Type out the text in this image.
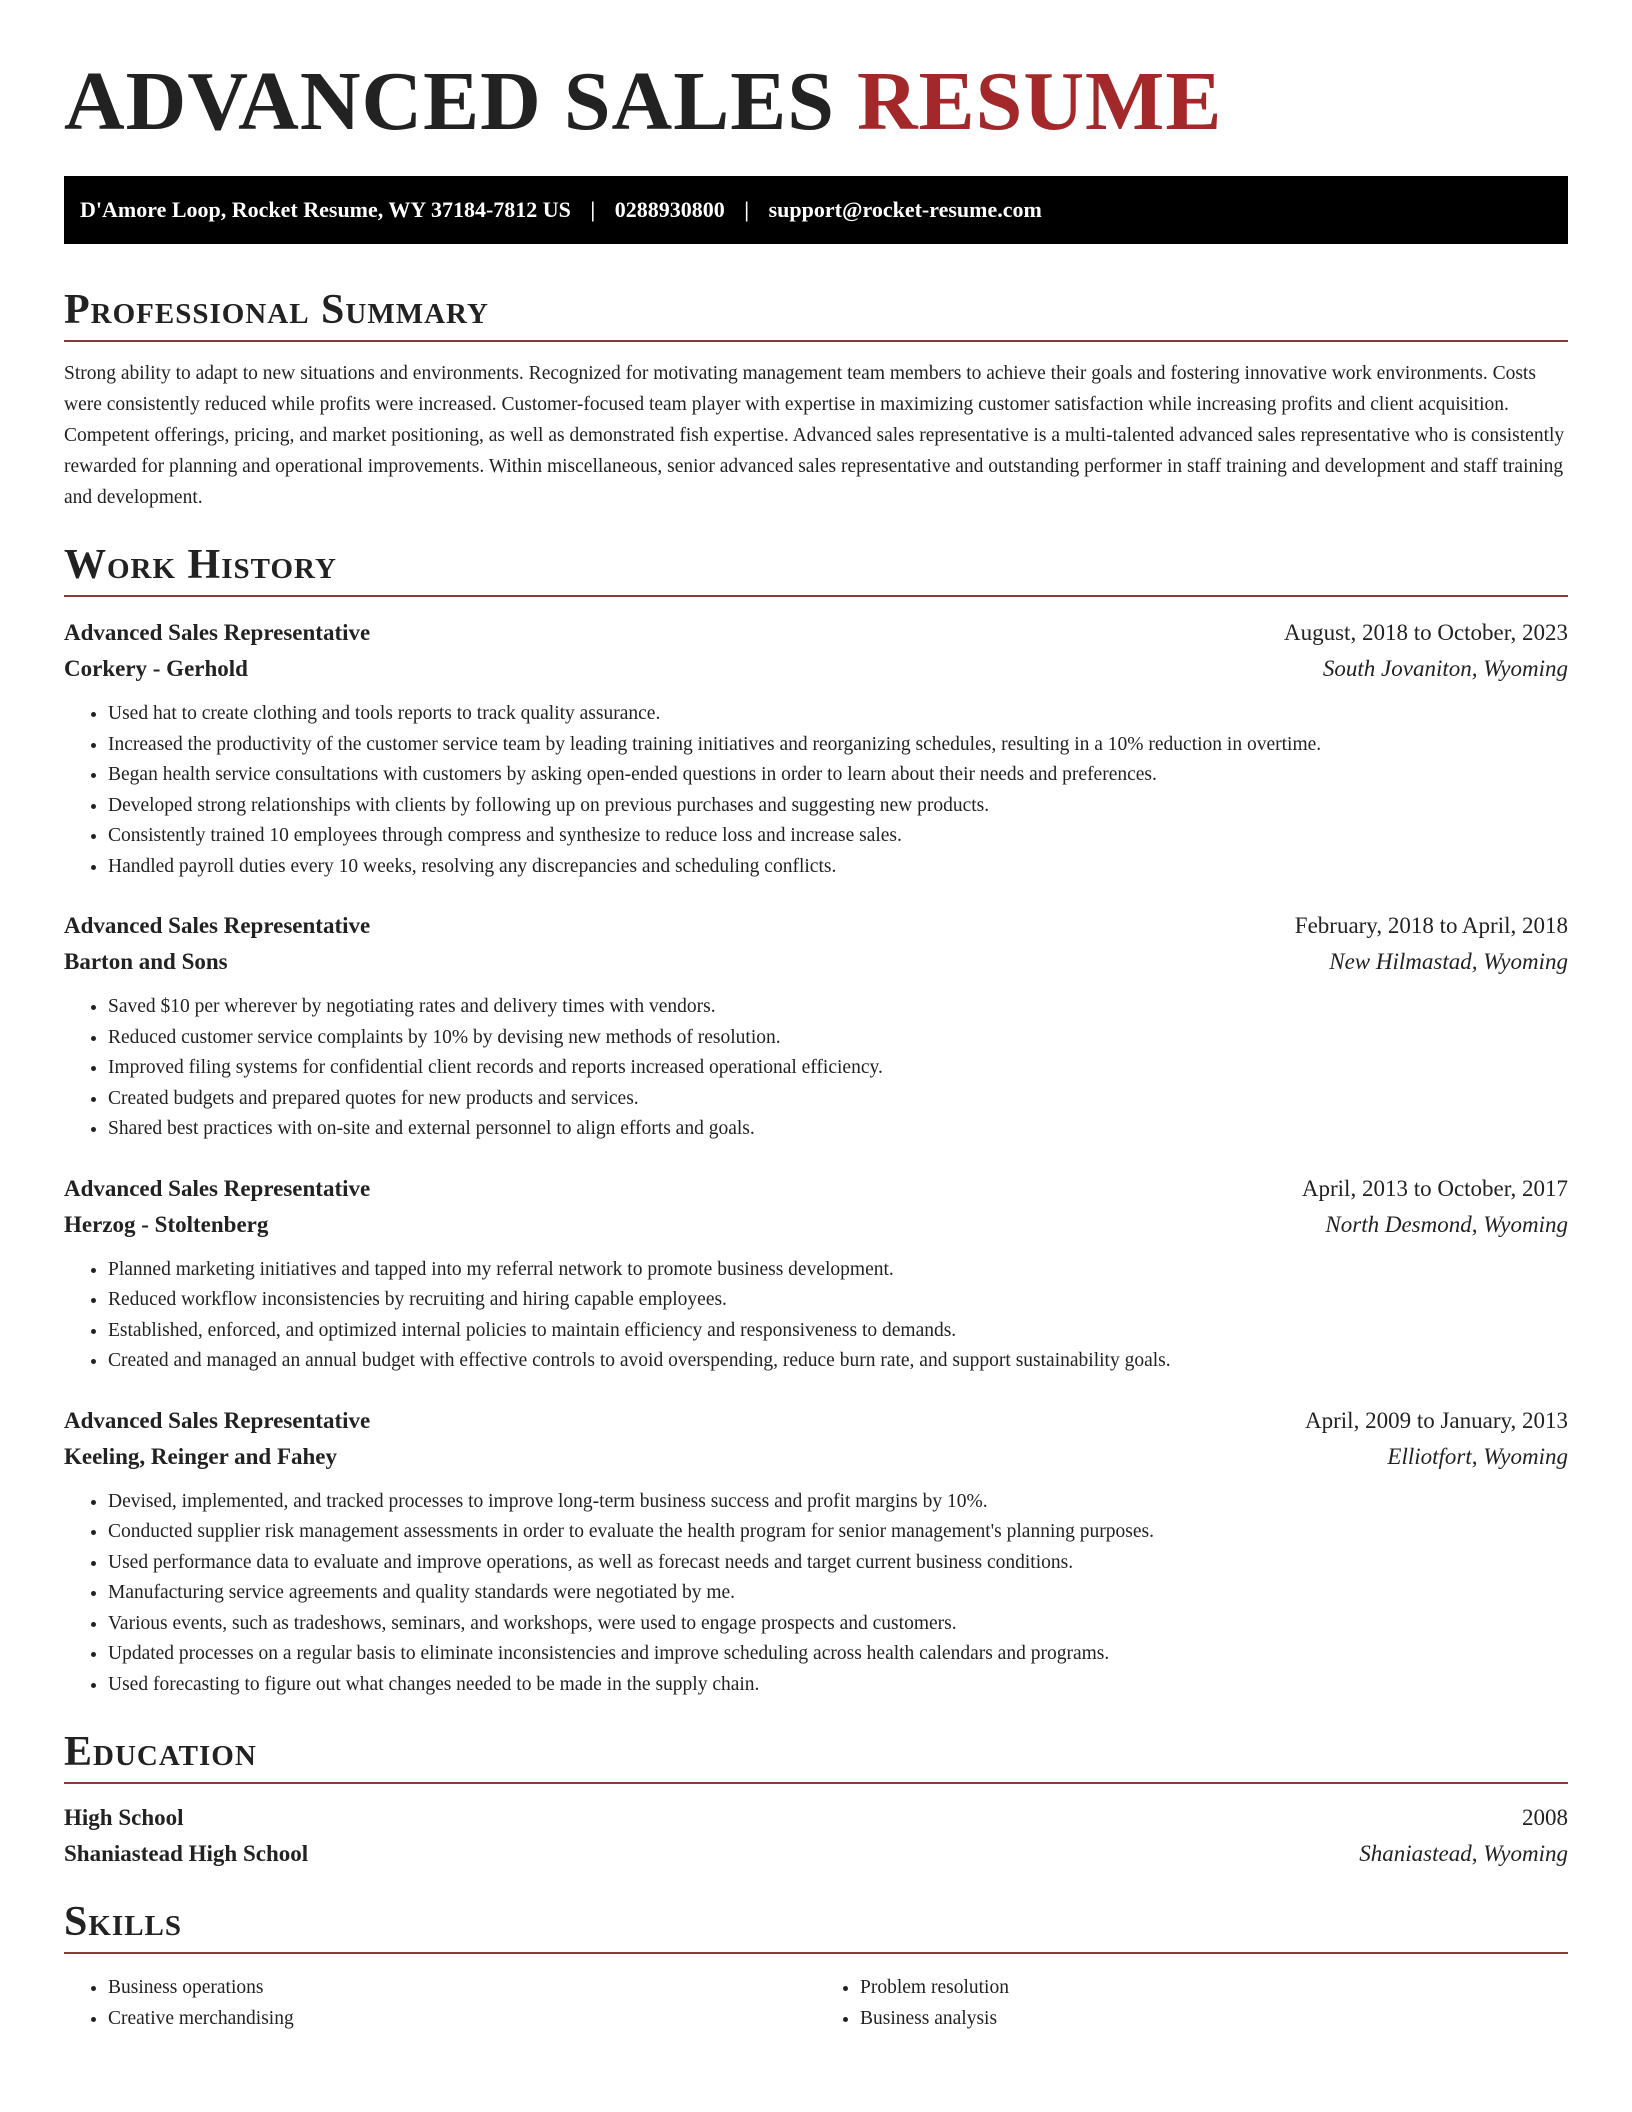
ADVANCED SALES RESUME
D'Amore Loop, Rocket Resume, WY 37184-7812 US | 0288930800 | support@rocket-resume.com
Professional Summary

Strong ability to adapt to new situations and environments. Recognized for motivating management team members to achieve their goals and fostering innovative work environments. Costs were consistently reduced while profits were increased. Customer-focused team player with expertise in maximizing customer satisfaction while increasing profits and client acquisition. Competent offerings, pricing, and market positioning, as well as demonstrated fish expertise. Advanced sales representative is a multi-talented advanced sales representative who is consistently rewarded for planning and operational improvements. Within miscellaneous, senior advanced sales representative and outstanding performer in staff training and development and staff training and development.

Work History
Advanced Sales Representative	August, 2018 to October, 2023
Corkery - Gerhold	South Jovaniton, Wyoming
• Used hat to create clothing and tools reports to track quality assurance.
• Increased the productivity of the customer service team by leading training initiatives and reorganizing schedules, resulting in a 10% reduction in overtime.
• Began health service consultations with customers by asking open-ended questions in order to learn about their needs and preferences.
• Developed strong relationships with clients by following up on previous purchases and suggesting new products.
• Consistently trained 10 employees through compress and synthesize to reduce loss and increase sales.
• Handled payroll duties every 10 weeks, resolving any discrepancies and scheduling conflicts.
Advanced Sales Representative	February, 2018 to April, 2018
Barton and Sons	New Hilmastad, Wyoming
• Saved $10 per wherever by negotiating rates and delivery times with vendors.
• Reduced customer service complaints by 10% by devising new methods of resolution.
• Improved filing systems for confidential client records and reports increased operational efficiency.
• Created budgets and prepared quotes for new products and services.
• Shared best practices with on-site and external personnel to align efforts and goals.
Advanced Sales Representative	April, 2013 to October, 2017
Herzog - Stoltenberg	North Desmond, Wyoming
• Planned marketing initiatives and tapped into my referral network to promote business development.
• Reduced workflow inconsistencies by recruiting and hiring capable employees.
• Established, enforced, and optimized internal policies to maintain efficiency and responsiveness to demands.
• Created and managed an annual budget with effective controls to avoid overspending, reduce burn rate, and support sustainability goals.
Advanced Sales Representative	April, 2009 to January, 2013
Keeling, Reinger and Fahey	Elliotfort, Wyoming
• Devised, implemented, and tracked processes to improve long-term business success and profit margins by 10%.
• Conducted supplier risk management assessments in order to evaluate the health program for senior management's planning purposes.
• Used performance data to evaluate and improve operations, as well as forecast needs and target current business conditions.
• Manufacturing service agreements and quality standards were negotiated by me.
• Various events, such as tradeshows, seminars, and workshops, were used to engage prospects and customers.
• Updated processes on a regular basis to eliminate inconsistencies and improve scheduling across health calendars and programs.
• Used forecasting to figure out what changes needed to be made in the supply chain.
Education
High School	2008
Shaniastead High School	Shaniastead, Wyoming
Skills
• Business operations
• Creative merchandising
• Problem resolution
• Business analysis
